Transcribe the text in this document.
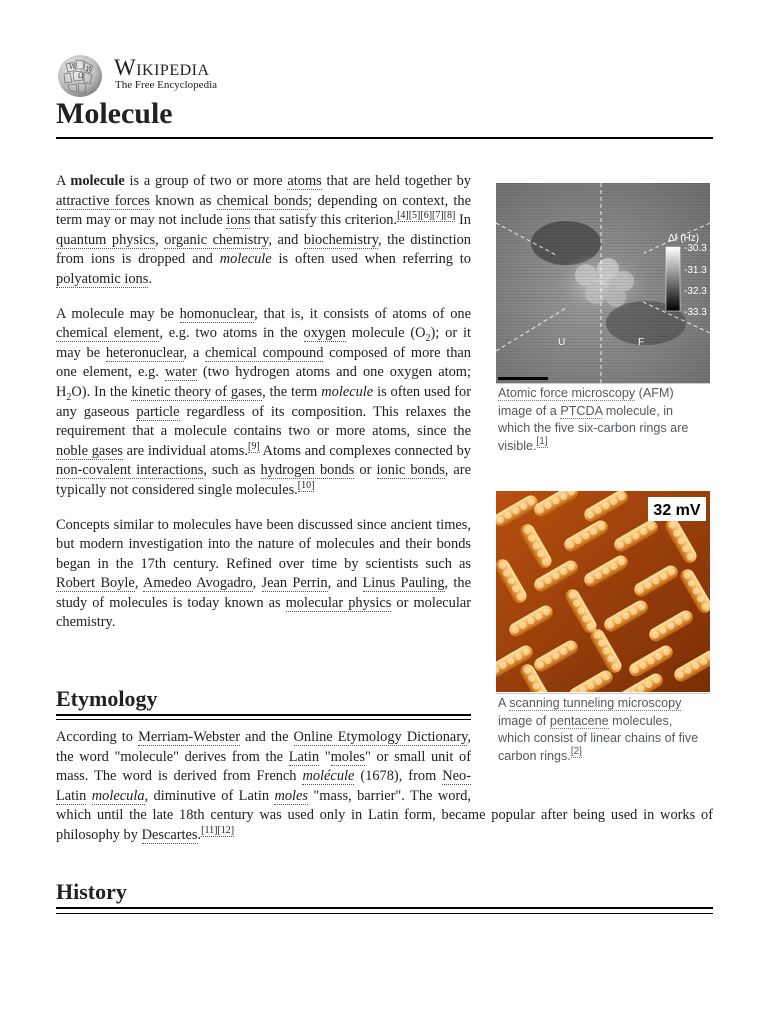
W
Ω
И Wikipedia
The Free Encyclopedia
Molecule

A molecule is a group of two or more atoms that are held together by attractive forces known as chemical bonds; depending on context, the term may or may not include ions that satisfy this criterion.[4][5][6][7][8] In quantum physics, organic chemistry, and biochemistry, the distinction from ions is dropped and molecule is often used when referring to polyatomic ions.

A molecule may be homonuclear, that is, it consists of atoms of one chemical element, e.g. two atoms in the oxygen molecule $(O_2)$; or it may be heteronuclear, a chemical compound composed of more than one element, e.g. water (two hydrogen atoms and one oxygen atom; $H_2O$). In the kinetic theory of gases, the term molecule is often used for any gaseous particle regardless of its composition. This relaxes the requirement that a molecule contains two or more atoms, since the noble gases are individual atoms.[9] Atoms and complexes connected by non-covalent interactions, such as hydrogen bonds or ionic bonds, are typically not considered single molecules.[10]

Concepts similar to molecules have been discussed since ancient times, but modern investigation into the nature of molecules and their bonds began in the 17th century. Refined over time by scientists such as Robert Boyle, Amedeo Avogadro, Jean Perrin, and Linus Pauling, the study of molecules is today known as molecular physics or molecular chemistry.

Etymology

According to Merriam-Webster and the Online Etymology Dictionary, the word "molecule" derives from the Latin "moles" or small unit of mass. The word is derived from French molécule (1678), from Neo-Latin molecula, diminutive of Latin moles "mass, barrier". The word, which until the late 18th century was used only in Latin form, became popular after being used in works of philosophy by Descartes.[11][12]

History
Δf (Hz)
-30.3
-31.3
-32.3
-33.3
U	F
Atomic force microscopy (AFM) image of a PTCDA molecule, in which the five six-carbon rings are visible.[1]
32 mV
A scanning tunneling microscopy image of pentacene molecules, which consist of linear chains of five carbon rings.[2]
